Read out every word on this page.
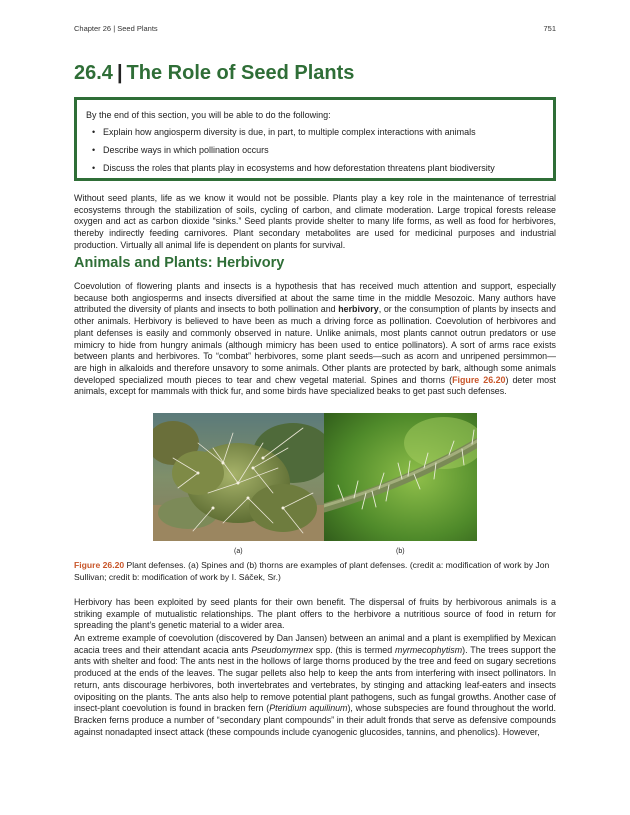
Chapter 26 | Seed Plants	751
26.4 | The Role of Seed Plants

By the end of this section, you will be able to do the following:

• Explain how angiosperm diversity is due, in part, to multiple complex interactions with animals
• Describe ways in which pollination occurs
• Discuss the roles that plants play in ecosystems and how deforestation threatens plant biodiversity

Without seed plants, life as we know it would not be possible. Plants play a key role in the maintenance of terrestrial ecosystems through the stabilization of soils, cycling of carbon, and climate moderation. Large tropical forests release oxygen and act as carbon dioxide “sinks.” Seed plants provide shelter to many life forms, as well as food for herbivores, thereby indirectly feeding carnivores. Plant secondary metabolites are used for medicinal purposes and industrial production. Virtually all animal life is dependent on plants for survival.

Animals and Plants: Herbivory

Coevolution of flowering plants and insects is a hypothesis that has received much attention and support, especially because both angiosperms and insects diversified at about the same time in the middle Mesozoic. Many authors have attributed the diversity of plants and insects to both pollination and herbivory, or the consumption of plants by insects and other animals. Herbivory is believed to have been as much a driving force as pollination. Coevolution of herbivores and plant defenses is easily and commonly observed in nature. Unlike animals, most plants cannot outrun predators or use mimicry to hide from hungry animals (although mimicry has been used to entice pollinators). A sort of arms race exists between plants and herbivores. To “combat” herbivores, some plant seeds—such as acorn and unripened persimmon—are high in alkaloids and therefore unsavory to some animals. Other plants are protected by bark, although some animals developed specialized mouth pieces to tear and chew vegetal material. Spines and thorns (Figure 26.20) deter most animals, except for mammals with thick fur, and some birds have specialized beaks to get past such defenses.

(a)	(b)

Figure 26.20 Plant defenses. (a) Spines and (b) thorns are examples of plant defenses. (credit a: modification of work by Jon Sullivan; credit b: modification of work by I. Sáček, Sr.)

Herbivory has been exploited by seed plants for their own benefit. The dispersal of fruits by herbivorous animals is a striking example of mutualistic relationships. The plant offers to the herbivore a nutritious source of food in return for spreading the plant’s genetic material to a wider area.

An extreme example of coevolution (discovered by Dan Jansen) between an animal and a plant is exemplified by Mexican acacia trees and their attendant acacia ants Pseudomyrmex spp. (this is termed myrmecophytism). The trees support the ants with shelter and food: The ants nest in the hollows of large thorns produced by the tree and feed on sugary secretions produced at the ends of the leaves. The sugar pellets also help to keep the ants from interfering with insect pollinators. In return, ants discourage herbivores, both invertebrates and vertebrates, by stinging and attacking leaf-eaters and insects ovipositing on the plants. The ants also help to remove potential plant pathogens, such as fungal growths. Another case of insect-plant coevolution is found in bracken fern (Pteridium aquilinum), whose subspecies are found throughout the world. Bracken ferns produce a number of “secondary plant compounds” in their adult fronds that serve as defensive compounds against nonadapted insect attack (these compounds include cyanogenic glucosides, tannins, and phenolics). However,
